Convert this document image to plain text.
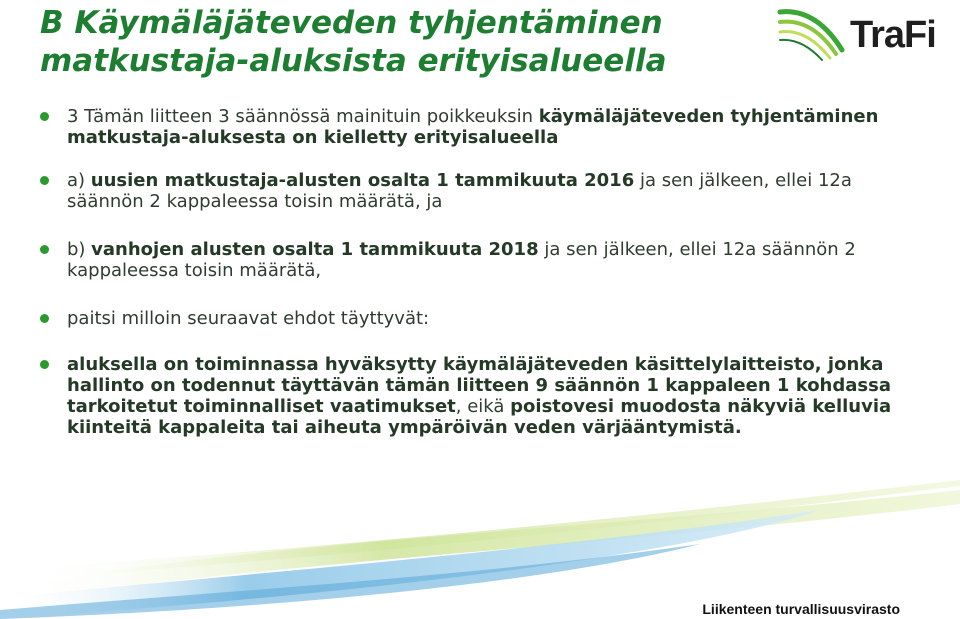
B Käymäläjäteveden tyhjentäminen
matkustaja-aluksista erityisalueella
TraFi
3 Tämän liitteen 3 säännössä mainituin poikkeuksin käymäläjäteveden tyhjentäminen matkustaja-aluksesta on kielletty erityisalueella
a) uusien matkustaja-alusten osalta 1 tammikuuta 2016 ja sen jälkeen, ellei 12a säännön 2 kappaleessa toisin määrätä, ja
b) vanhojen alusten osalta 1 tammikuuta 2018 ja sen jälkeen, ellei 12a säännön 2 kappaleessa toisin määrätä,
paitsi milloin seuraavat ehdot täyttyvät:
aluksella on toiminnassa hyväksytty käymäläjäteveden käsittelylaitteisto, jonka hallinto on todennut täyttävän tämän liitteen 9 säännön 1 kappaleen 1 kohdassa tarkoitetut toiminnalliset vaatimukset, eikä poistovesi muodosta näkyviä kelluvia kiinteitä kappaleita tai aiheuta ympäröivän veden värjääntymistä.
Liikenteen turvallisuusvirasto
